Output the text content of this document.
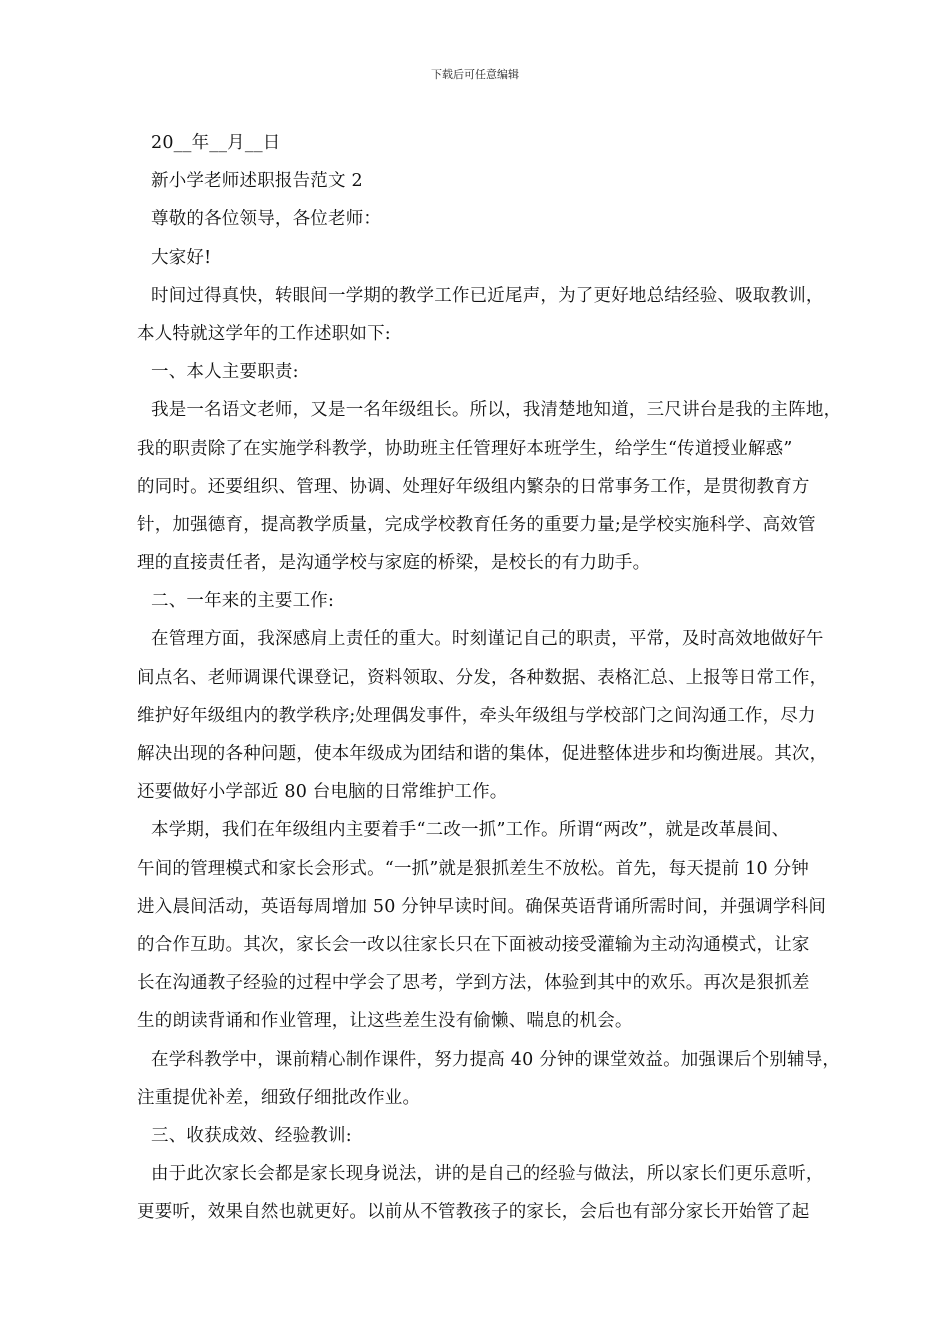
下载后可任意编辑
20__年__月__日
新小学老师述职报告范文 2
尊敬的各位领导，各位老师：
大家好!
时间过得真快，转眼间一学期的教学工作已近尾声，为了更好地总结经验、吸取教训，
本人特就这学年的工作述职如下:
一、本人主要职责:
我是一名语文老师，又是一名年级组长。所以，我清楚地知道，三尺讲台是我的主阵地，
我的职责除了在实施学科教学，协助班主任管理好本班学生，给学生“传道授业解惑”
的同时。还要组织、管理、协调、处理好年级组内繁杂的日常事务工作，是贯彻教育方
针，加强德育，提高教学质量，完成学校教育任务的重要力量;是学校实施科学、高效管
理的直接责任者，是沟通学校与家庭的桥梁，是校长的有力助手。
二、一年来的主要工作:
在管理方面，我深感肩上责任的重大。时刻谨记自己的职责，平常，及时高效地做好午
间点名、老师调课代课登记，资料领取、分发，各种数据、表格汇总、上报等日常工作，
维护好年级组内的教学秩序;处理偶发事件，牵头年级组与学校部门之间沟通工作，尽力
解决出现的各种问题，使本年级成为团结和谐的集体，促进整体进步和均衡进展。其次，
还要做好小学部近 80 台电脑的日常维护工作。
本学期，我们在年级组内主要着手“二改一抓”工作。所谓“两改”，就是改革晨间、
午间的管理模式和家长会形式。“一抓”就是狠抓差生不放松。首先，每天提前 10 分钟
进入晨间活动，英语每周增加 50 分钟早读时间。确保英语背诵所需时间，并强调学科间
的合作互助。其次，家长会一改以往家长只在下面被动接受灌输为主动沟通模式，让家
长在沟通教子经验的过程中学会了思考，学到方法，体验到其中的欢乐。再次是狠抓差
生的朗读背诵和作业管理，让这些差生没有偷懒、喘息的机会。
在学科教学中，课前精心制作课件，努力提高 40 分钟的课堂效益。加强课后个别辅导，
注重提优补差，细致仔细批改作业。
三、收获成效、经验教训:
由于此次家长会都是家长现身说法，讲的是自己的经验与做法，所以家长们更乐意听，
更要听，效果自然也就更好。以前从不管教孩子的家长，会后也有部分家长开始管了起
